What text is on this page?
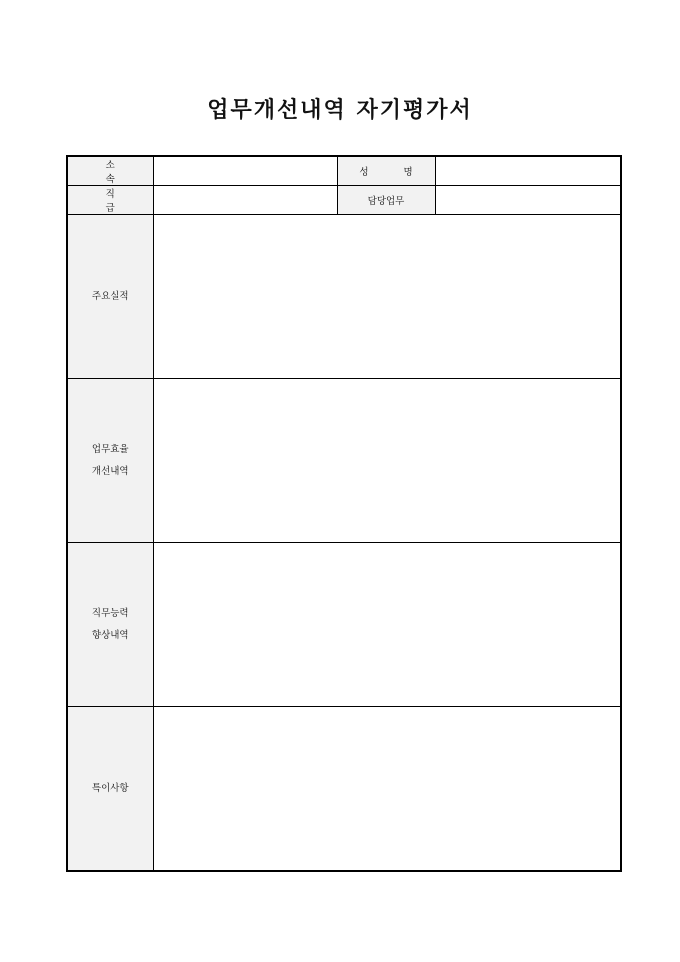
업무개선내역 자기평가서
소 속		성 명	
직 급		담당업무	

주요실적			

업무효율
개선내역			

직무능력
향상내역			

특이사항			
